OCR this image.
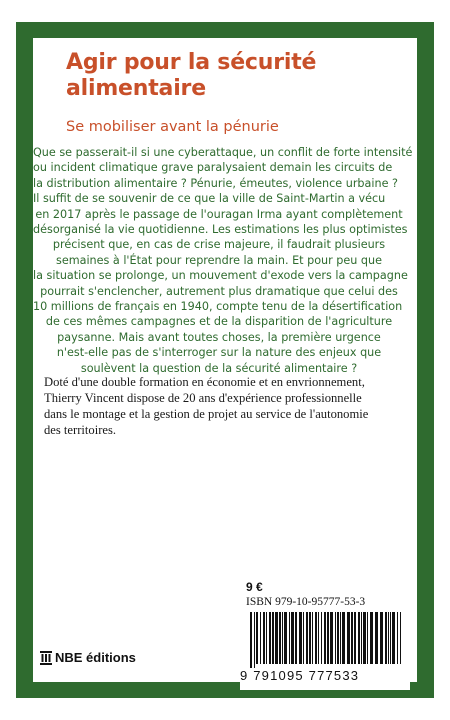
Agir pour la sécurité
alimentaire

Se mobiliser avant la pénurie

Que se passerait-il si une cyberattaque, un conflit de forte intensité
ou incident climatique grave paralysaient demain les circuits de
la distribution alimentaire ? Pénurie, émeutes, violence urbaine ?
Il suffit de se souvenir de ce que la ville de Saint-Martin a vécu
en 2017 après le passage de l'ouragan Irma ayant complètement
désorganisé la vie quotidienne. Les estimations les plus optimistes
précisent que, en cas de crise majeure, il faudrait plusieurs
semaines à l'État pour reprendre la main. Et pour peu que
la situation se prolonge, un mouvement d'exode vers la campagne
pourrait s'enclencher, autrement plus dramatique que celui des
10 millions de français en 1940, compte tenu de la désertification
de ces mêmes campagnes et de la disparition de l'agriculture
paysanne. Mais avant toutes choses, la première urgence
n'est-elle pas de s'interroger sur la nature des enjeux que
soulèvent la question de la sécurité alimentaire ?
Doté d'une double formation en économie et en envrionnement,
Thierry Vincent dispose de 20 ans d'expérience professionnelle
dans le montage et la gestion de projet au service de l'autonomie
des territoires.
NBE éditions
9 €
ISBN 979-10-95777-53-3
9 791095 777533
